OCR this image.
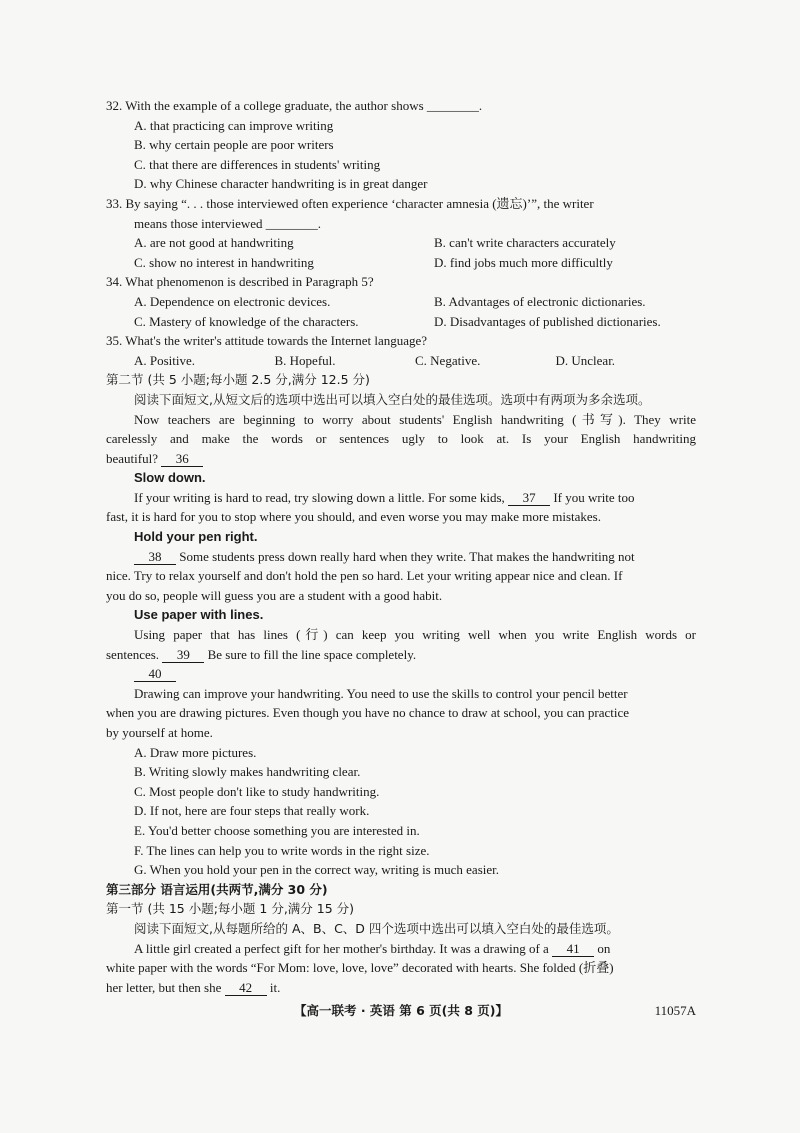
32. With the example of a college graduate, the author shows ________.
A. that practicing can improve writing
B. why certain people are poor writers
C. that there are differences in students' writing
D. why Chinese character handwriting is in great danger
33. By saying “. . . those interviewed often experience ‘character amnesia (遗忘)’”, the writer
means those interviewed ________.
A. are not good at handwriting	B. can't write characters accurately
C. show no interest in handwriting	D. find jobs much more difficultly
34. What phenomenon is described in Paragraph 5?
A. Dependence on electronic devices.	B. Advantages of electronic dictionaries.
C. Mastery of knowledge of the characters.	D. Disadvantages of published dictionaries.
35. What's the writer's attitude towards the Internet language?
A. Positive.	B. Hopeful.	C. Negative.	D. Unclear.
第二节 (共 5 小题;每小题 2.5 分,满分 12.5 分)
阅读下面短文,从短文后的选项中选出可以填入空白处的最佳选项。选项中有两项为多余选项。
Now teachers are beginning to worry about students' English handwriting (书写). They write
carelessly and make the words or sentences ugly to look at. Is your English handwriting
beautiful? 36
Slow down.
If your writing is hard to read, try slowing down a little. For some kids, 37 If you write too
fast, it is hard for you to stop where you should, and even worse you may make more mistakes.
Hold your pen right.
38 Some students press down really hard when they write. That makes the handwriting not
nice. Try to relax yourself and don't hold the pen so hard. Let your writing appear nice and clean. If
you do so, people will guess you are a student with a good habit.
Use paper with lines.
Using paper that has lines (行) can keep you writing well when you write English words or
sentences. 39 Be sure to fill the line space completely.
40
Drawing can improve your handwriting. You need to use the skills to control your pencil better
when you are drawing pictures. Even though you have no chance to draw at school, you can practice
by yourself at home.
A. Draw more pictures.
B. Writing slowly makes handwriting clear.
C. Most people don't like to study handwriting.
D. If not, here are four steps that really work.
E. You'd better choose something you are interested in.
F. The lines can help you to write words in the right size.
G. When you hold your pen in the correct way, writing is much easier.
第三部分 语言运用(共两节,满分 30 分)
第一节 (共 15 小题;每小题 1 分,满分 15 分)
阅读下面短文,从每题所给的 A、B、C、D 四个选项中选出可以填入空白处的最佳选项。
A little girl created a perfect gift for her mother's birthday. It was a drawing of a 41 on
white paper with the words “For Mom: love, love, love” decorated with hearts. She folded (折叠)
her letter, but then she 42 it.
【高一联考 · 英语 第 6 页(共 8 页)】	11057A
